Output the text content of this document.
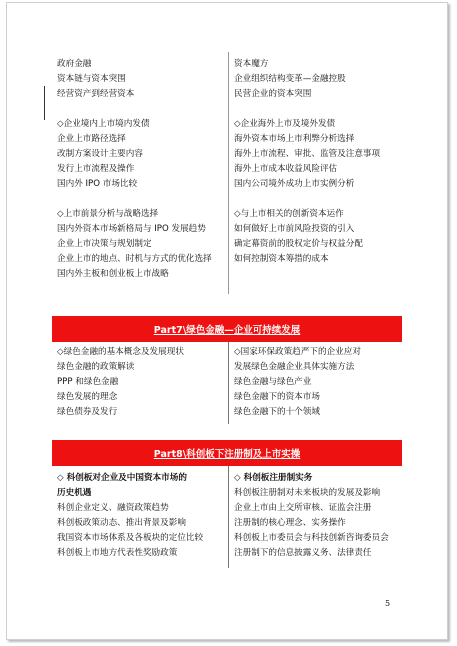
政府金融
资本链与资本突围
经营资产到经营资本
◇企业境内上市境内发债
企业上市路径选择
改制方案设计主要内容
发行上市流程及操作
国内外 IPO 市场比较
◇上市前景分析与战略选择
国内外资本市场新格局与 IPO 发展趋势
企业上市决策与规划制定
企业上市的地点、时机与方式的优化选择
国内外主板和创业板上市战略
资本魔方
企业组织结构变革—金融控股
民营企业的资本突围
◇企业海外上市及境外发债
海外资本市场上市利弊分析选择
海外上市流程、审批、监管及注意事项
海外上市成本收益风险评估
国内公司境外成功上市实例分析
◇与上市相关的创新资本运作
如何做好上市前风险投资的引入
确定幕资前的股权定价与权益分配
如何控制资本筹措的成本
Part7\绿色金融—企业可持续发展
◇绿色金融的基本概念及发展现状
绿色金融的政策解读
PPP 和绿色金融
绿色发展的理念
绿色债券及发行
◇国家环保政策趋严下的企业应对
发展绿色金融企业具体实施方法
绿色金融与绿色产业
绿色金融下的资本市场
绿色金融下的十个领域
Part8\科创板下注册制及上市实操
◇ 科创板对企业及中国资本市场的
历史机遇
科创企业定义、融资政策趋势
科创板政策动态、推出背景及影响
我国资本市场体系及各板块的定位比较
科创板上市地方代表性奖励政策
◇ 科创板注册制实务
科创板注册制对未来板块的发展及影响
企业上市由上交所审核、证监会注册
注册制的核心理念、实务操作
科创板上市委员会与科技创新咨询委员会
注册制下的信息披露义务、法律责任
5
